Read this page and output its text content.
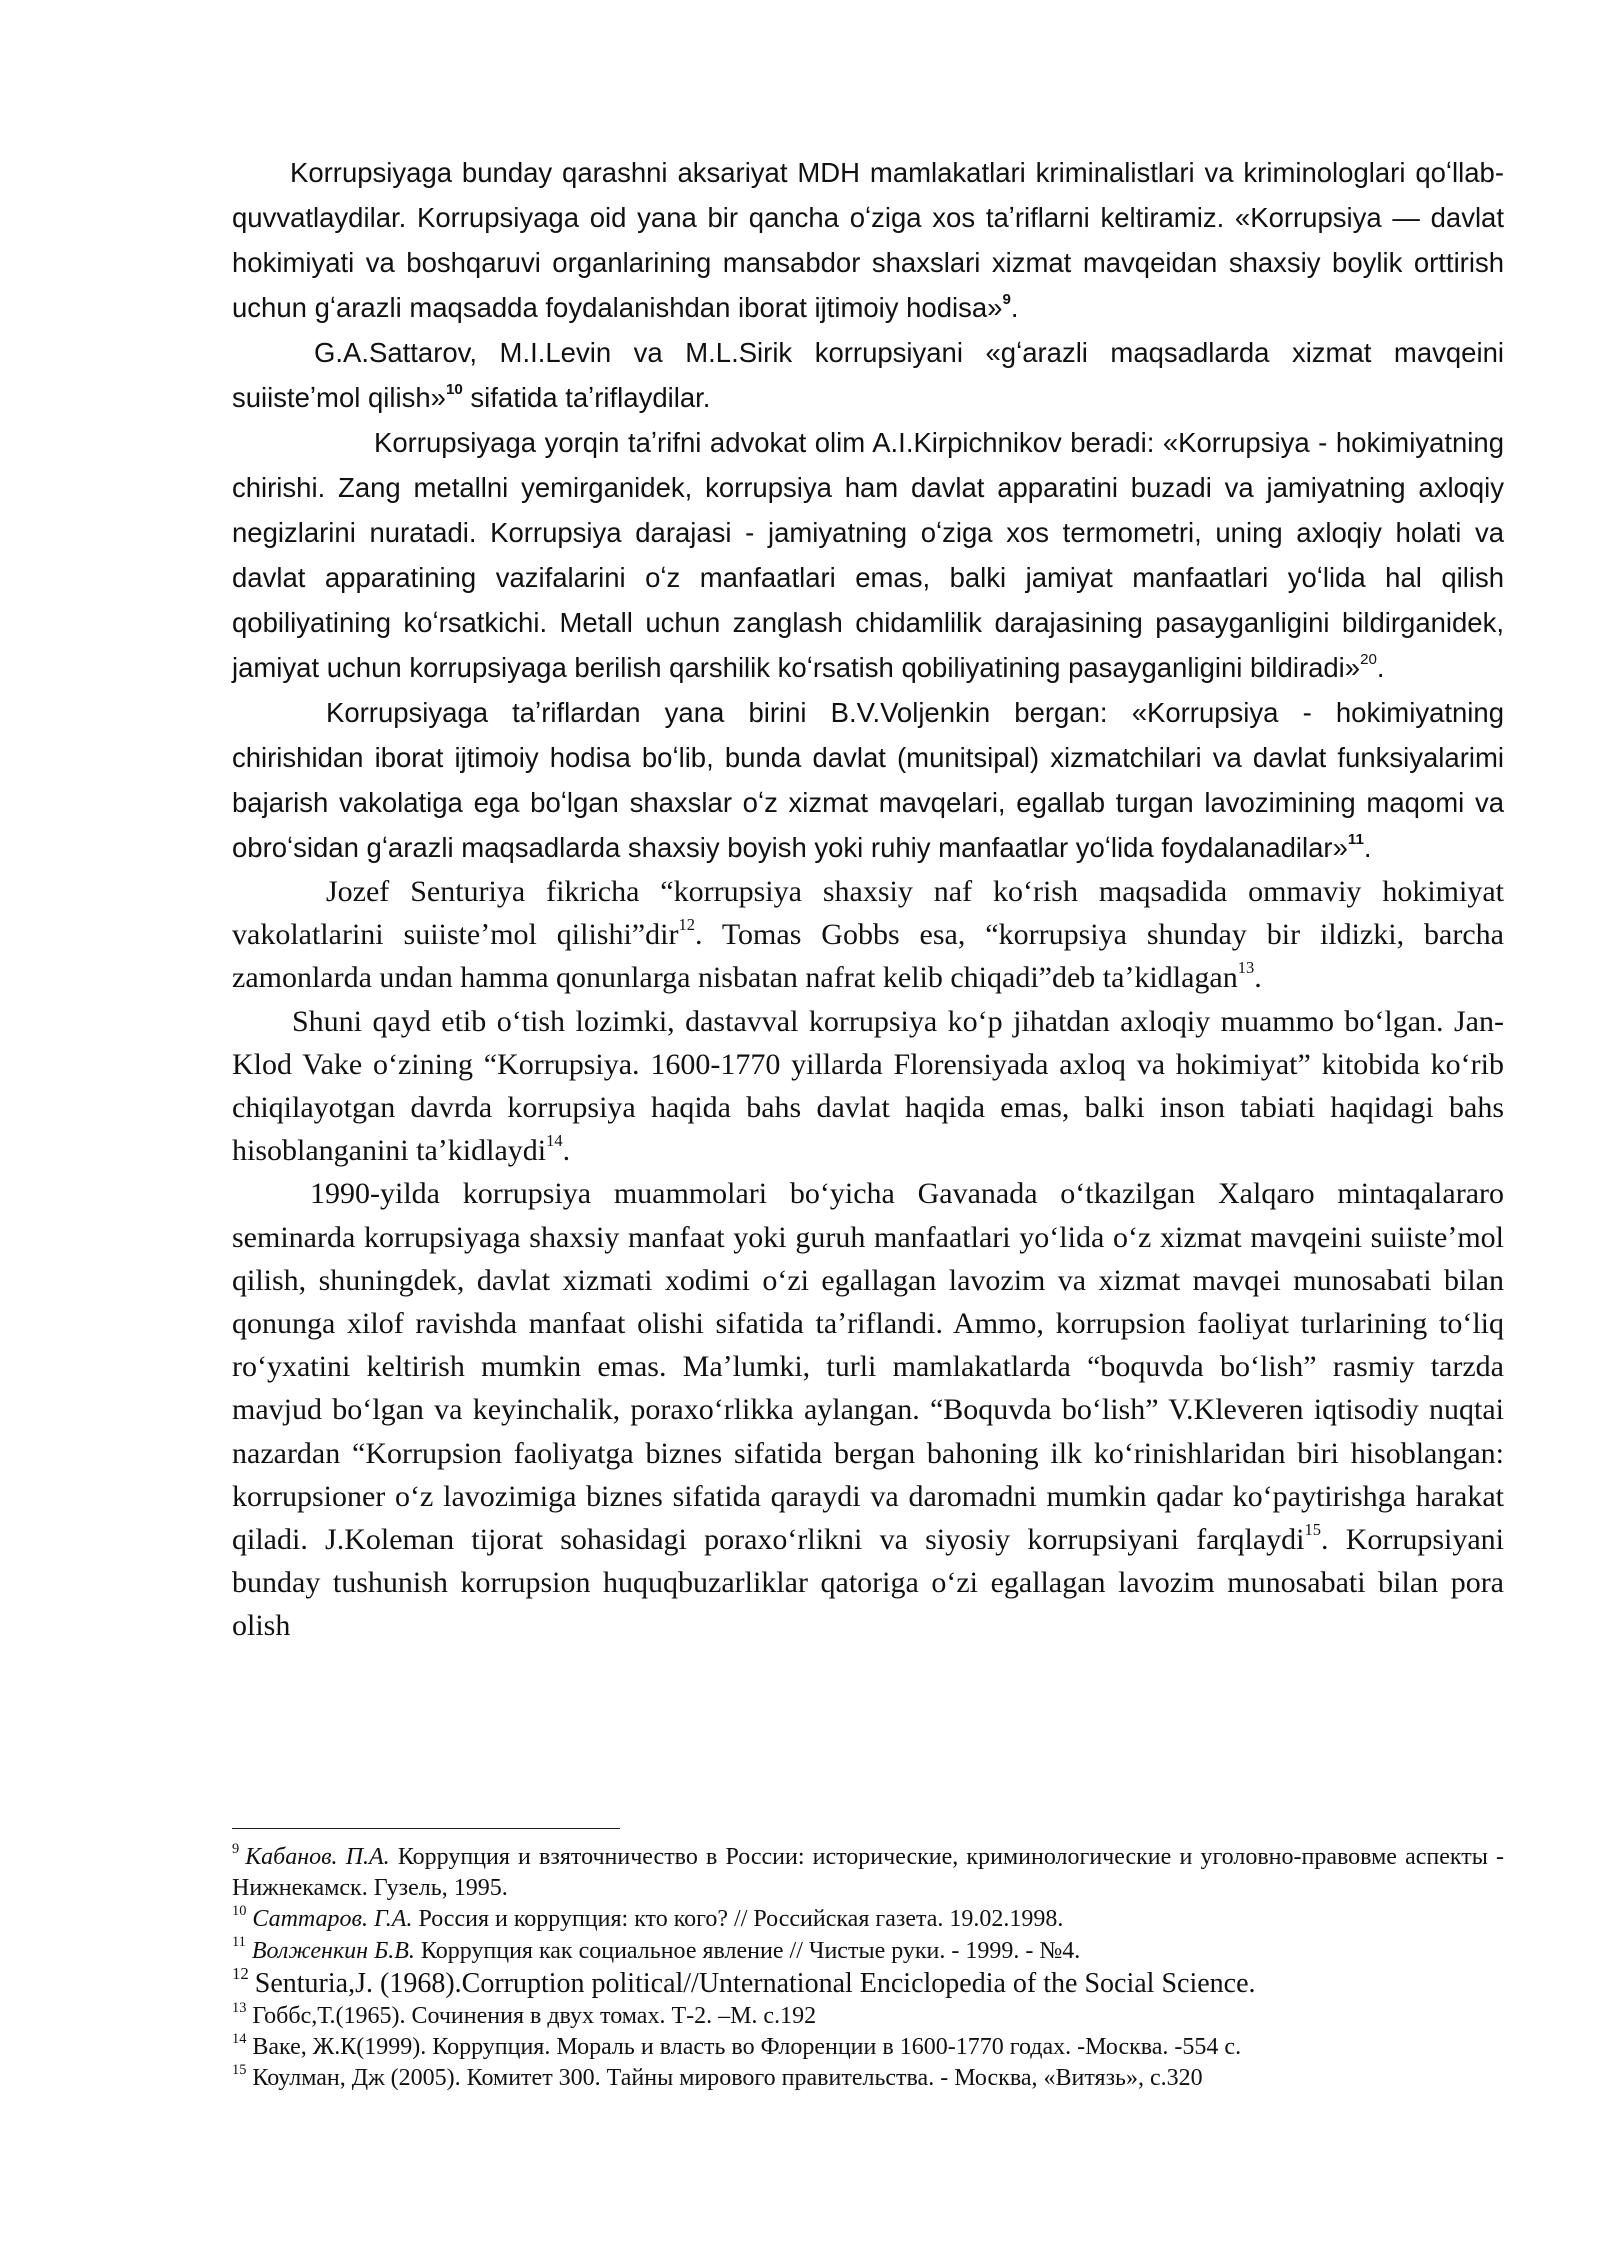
Korrupsiyaga bunday qarashni aksariyat MDH mamlakatlari kriminalistlari va kriminologlari qoʻllab-quvvatlaydilar. Korrupsiyaga oid yana bir qancha oʻziga xos taʼriflarni keltiramiz. «Korrupsiya — davlat hokimiyati va boshqaruvi organlarining mansabdor shaxslari xizmat mavqeidan shaxsiy boylik orttirish uchun gʻarazli maqsadda foydalanishdan iborat ijtimoiy hodisa»$^9$.

G.A.Sattarov, M.I.Levin va M.L.Sirik korrupsiyani «gʻarazli maqsadlarda xizmat mavqeini suiisteʼmol qilish»$^{10}$ sifatida taʼriflaydilar.

Korrupsiyaga yorqin taʼrifni advokat olim A.I.Kirpichnikov beradi: «Korrupsiya - hokimiyatning chirishi. Zang metallni yemirganidek, korrupsiya ham davlat apparatini buzadi va jamiyatning axloqiy negizlarini nuratadi. Korrupsiya darajasi - jamiyatning oʻziga xos termometri, uning axloqiy holati va davlat apparatining vazifalarini oʻz manfaatlari emas, balki jamiyat manfaatlari yoʻlida hal qilish qobiliyatining koʻrsatkichi. Metall uchun zanglash chidamlilik darajasining pasayganligini bildirganidek, jamiyat uchun korrupsiyaga berilish qarshilik koʻrsatish qobiliyatining pasayganligini bildiradi»$^{20}$.

Korrupsiyaga taʼriflardan yana birini B.V.Voljenkin bergan: «Korrupsiya - hokimiyatning chirishidan iborat ijtimoiy hodisa boʻlib, bunda davlat (munitsipal) xizmatchilari va davlat funksiyalarimi bajarish vakolatiga ega boʻlgan shaxslar oʻz xizmat mavqelari, egallab turgan lavozimining maqomi va obroʻsidan gʻarazli maqsadlarda shaxsiy boyish yoki ruhiy manfaatlar yoʻlida foydalanadilar»$^{11}$.

Jozef Senturiya fikricha “korrupsiya shaxsiy naf koʻrish maqsadida ommaviy hokimiyat vakolatlarini suiisteʼmol qilishi”dir$^{12}$. Tomas Gobbs esa, “korrupsiya shunday bir ildizki, barcha zamonlarda undan hamma qonunlarga nisbatan nafrat kelib chiqadi”deb taʼkidlagan$^{13}$.

Shuni qayd etib oʻtish lozimki, dastavval korrupsiya koʻp jihatdan axloqiy muammo boʻlgan. Jan-Klod Vake oʻzining “Korrupsiya. 1600-1770 yillarda Florensiyada axloq va hokimiyat” kitobida koʻrib chiqilayotgan davrda korrupsiya haqida bahs davlat haqida emas, balki inson tabiati haqidagi bahs hisoblanganini taʼkidlaydi$^{14}$.

1990-yilda korrupsiya muammolari boʻyicha Gavanada oʻtkazilgan Xalqaro mintaqalararo seminarda korrupsiyaga shaxsiy manfaat yoki guruh manfaatlari yoʻlida oʻz xizmat mavqeini suiisteʼmol qilish, shuningdek, davlat xizmati xodimi oʻzi egallagan lavozim va xizmat mavqei munosabati bilan qonunga xilof ravishda manfaat olishi sifatida taʼriflandi. Ammo, korrupsion faoliyat turlarining toʻliq roʻyxatini keltirish mumkin emas. Maʼlumki, turli mamlakatlarda “boquvda boʻlish” rasmiy tarzda mavjud boʻlgan va keyinchalik, poraxoʻrlikka aylangan. “Boquvda boʻlish” V.Kleveren iqtisodiy nuqtai nazardan “Korrupsion faoliyatga biznes sifatida bergan bahoning ilk koʻrinishlaridan biri hisoblangan: korrupsioner oʻz lavozimiga biznes sifatida qaraydi va daromadni mumkin qadar koʻpaytirishga harakat qiladi. J.Koleman tijorat sohasidagi poraxoʻrlikni va siyosiy korrupsiyani farqlaydi$^{15}$. Korrupsiyani bunday tushunish korrupsion huquqbuzarliklar qatoriga oʻzi egallagan lavozim munosabati bilan pora olish

$^9$ Кабанов. П.А. Коррупция и взяточничество в России: исторические, криминологические и уголовно-правовме аспекты - Нижнекамск. Гузель, 1995.

$^{10}$ Саттаров. Г.А. Россия и коррупция: кто кого? // Российская газета. 19.02.1998.

$^{11}$ Волженкин Б.В. Коррупция как социальное явление // Чистые руки. - 1999. - №4.

$^{12}$ Senturia,J. (1968).Corruption political//Unternational Enciclopedia of the Social Science.

$^{13}$ Гоббс,Т.(1965). Сочинения в двух томах. Т-2. –М. с.192

$^{14}$ Ваке, Ж.К(1999). Коррупция. Мораль и власть во Флоренции в 1600-1770 годах. -Москва. -554 с.

$^{15}$ Коулман, Дж (2005). Комитет 300. Тайны мирового правительства. - Москва, «Витязь», с.320
